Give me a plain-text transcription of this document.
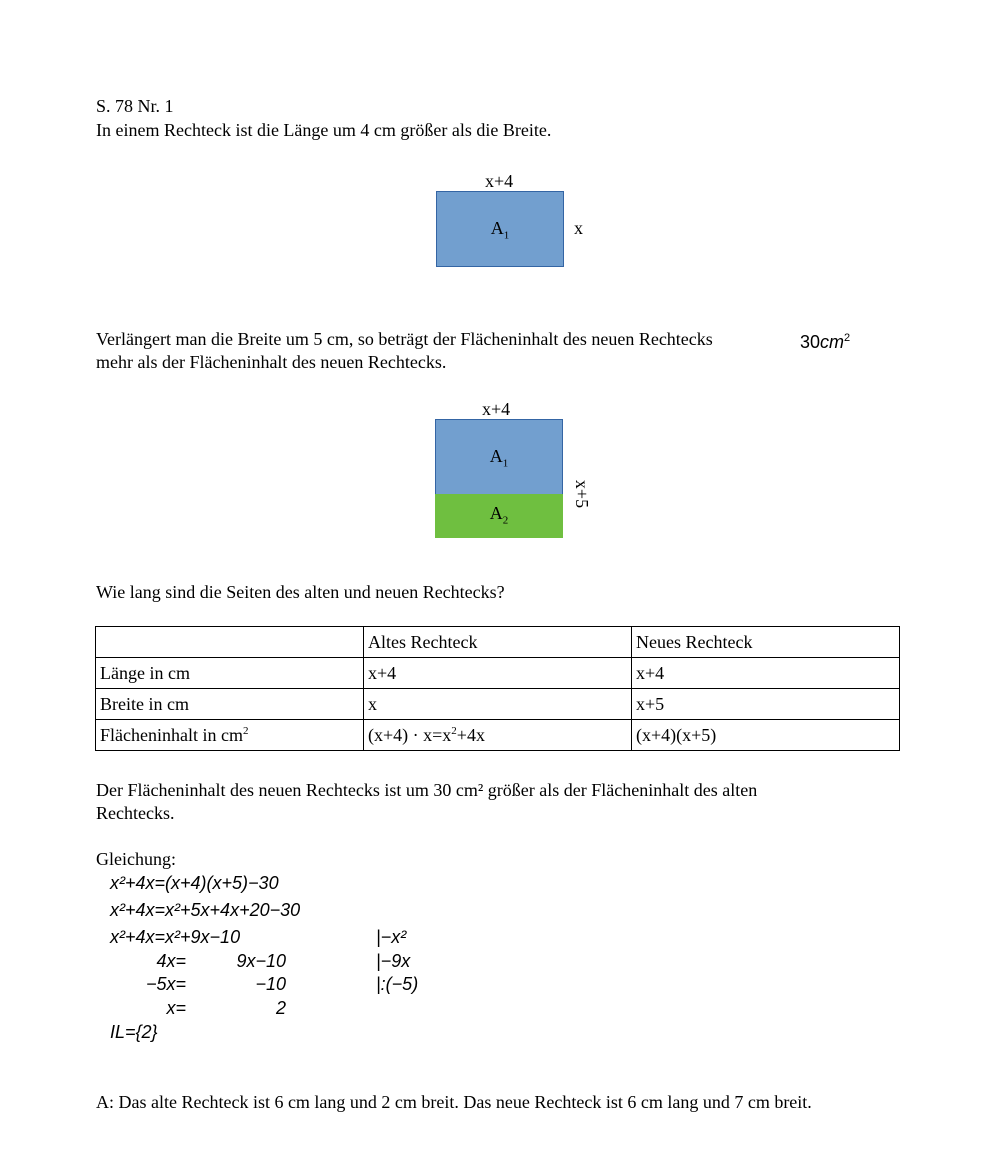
S. 78 Nr. 1
In einem Rechteck ist die Länge um 4 cm größer als die Breite.
x+4
$A_1$	x
Verlängert man die Breite um 5 cm, so beträgt der Flächeninhalt des neuen Rechtecks	$30cm^2$
mehr als der Flächeninhalt des neuen Rechtecks.
x+4
$A_1$
$A_2$
x+5
Wie lang sind die Seiten des alten und neuen Rechtecks?
	Altes Rechteck	Neues Rechteck
Länge in cm	x+4	x+4
Breite in cm	x	x+5
Flächeninhalt in $cm^2$	$(x+4) \cdot x=x^2+4x$	(x+4)(x+5)
Der Flächeninhalt des neuen Rechtecks ist um 30 cm² größer als der Flächeninhalt des alten
Rechtecks.
Gleichung:
x²+4x=(x+4)(x+5)−30
x²+4x=x²+5x+4x+20−30
x²+4x=x²+9x−10	|−x²
4x=	9x−10	|−9x
−5x=	−10	|:(−5)
x=	2
IL={2}
A: Das alte Rechteck ist 6 cm lang und 2 cm breit. Das neue Rechteck ist 6 cm lang und 7 cm breit.
